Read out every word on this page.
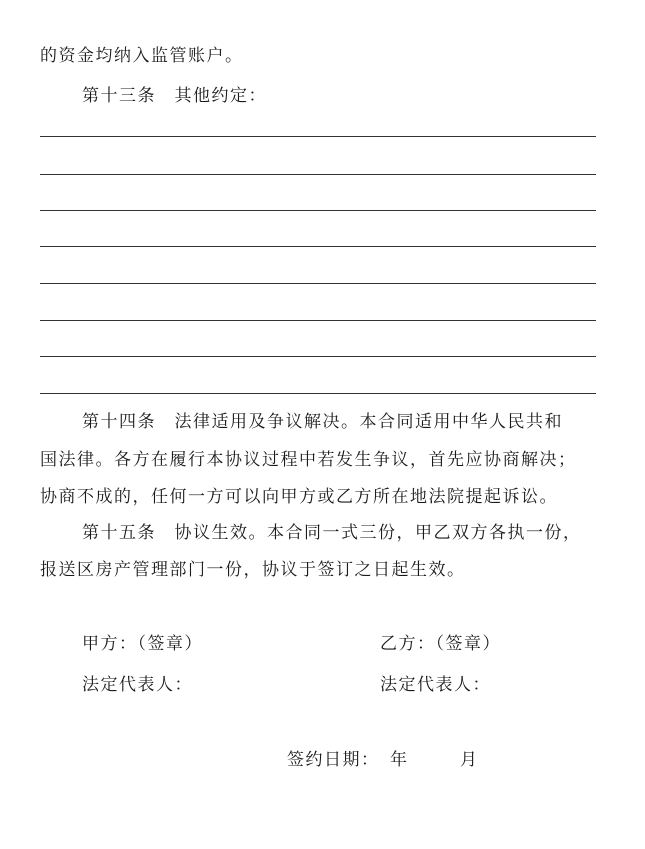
的资金均纳入监管账户。
第十三条　其他约定：
第十四条　法律适用及争议解决。本合同适用中华人民共和
国法律。各方在履行本协议过程中若发生争议，首先应协商解决；
协商不成的，任何一方可以向甲方或乙方所在地法院提起诉讼。
第十五条　协议生效。本合同一式三份，甲乙双方各执一份，
报送区房产管理部门一份，协议于签订之日起生效。
甲方：（签章）	乙方：（签章）
法定代表人：	法定代表人：
签约日期： 年	月
